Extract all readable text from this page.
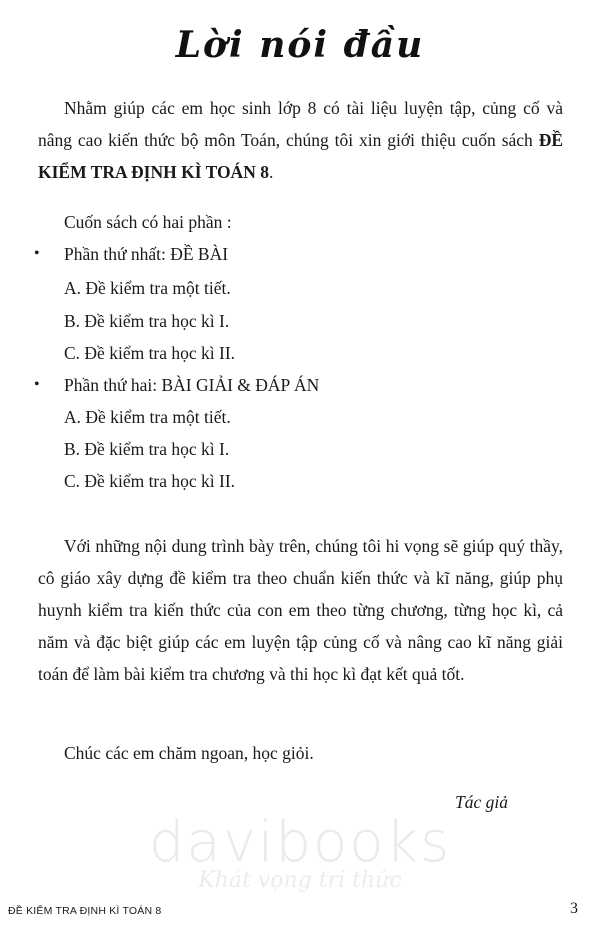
Lời nói đầu
Nhằm giúp các em học sinh lớp 8 có tài liệu luyện tập, củng cố và nâng cao kiến thức bộ môn Toán, chúng tôi xin giới thiệu cuốn sách ĐỀ KIỂM TRA ĐỊNH KÌ TOÁN 8.
Cuốn sách có hai phần :
• Phần thứ nhất: ĐỀ BÀI
A. Đề kiểm tra một tiết.
B. Đề kiểm tra học kì I.
C. Đề kiểm tra học kì II.
• Phần thứ hai: BÀI GIẢI & ĐÁP ÁN
A. Đề kiểm tra một tiết.
B. Đề kiểm tra học kì I.
C. Đề kiểm tra học kì II.
Với những nội dung trình bày trên, chúng tôi hi vọng sẽ giúp quý thầy, cô giáo xây dựng đề kiểm tra theo chuẩn kiến thức và kĩ năng, giúp phụ huynh kiểm tra kiến thức của con em theo từng chương, từng học kì, cả năm và đặc biệt giúp các em luyện tập củng cố và nâng cao kĩ năng giải toán để làm bài kiểm tra chương và thi học kì đạt kết quả tốt.
Chúc các em chăm ngoan, học giỏi.
Tác giả
davibooks
Khát vọng tri thức
ĐỀ KIỂM TRA ĐỊNH KÌ TOÁN 8	3
